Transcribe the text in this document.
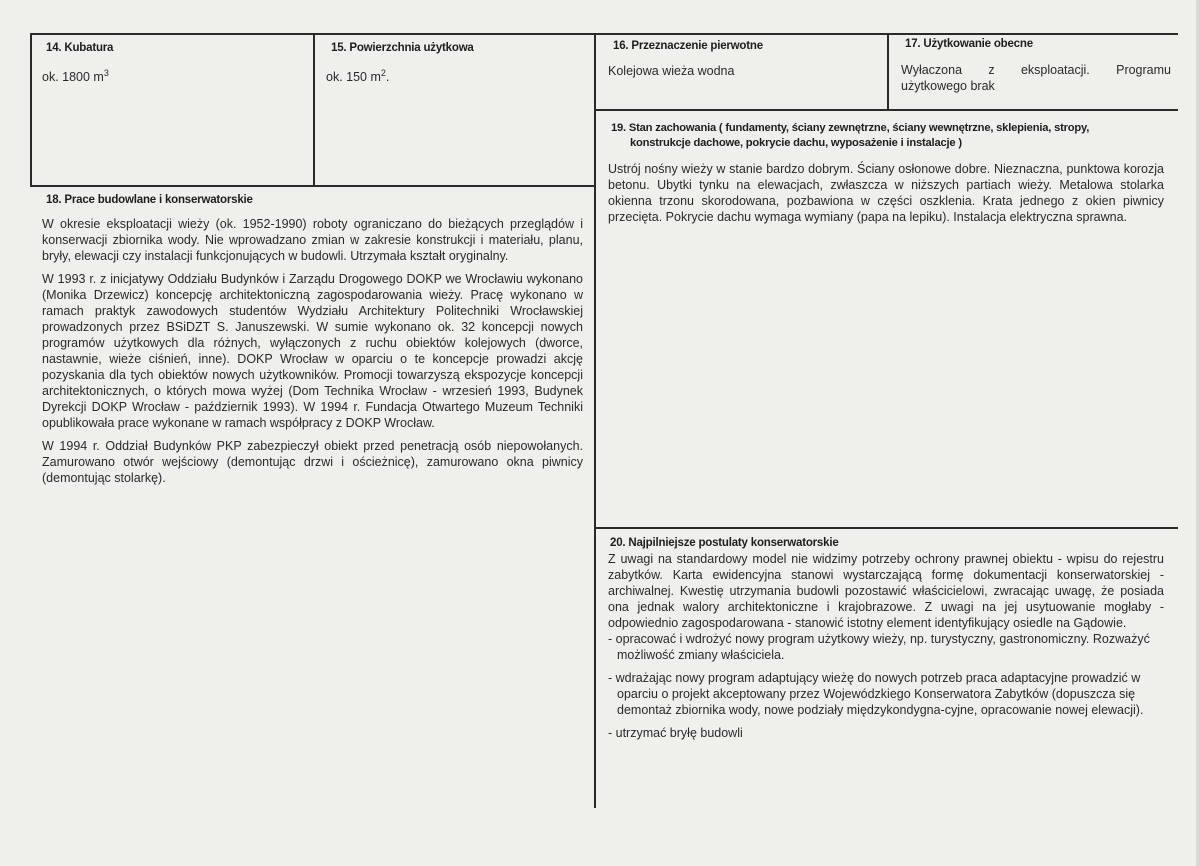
14. Kubatura
ok. 1800 $m^3$
15. Powierzchnia użytkowa
ok. 150 $m^2$.
16. Przeznaczenie pierwotne
Kolejowa wieża wodna
17. Użytkowanie obecne
Wyłaczona z eksploatacji. Programu użytkowego brak
19. Stan zachowania ( fundamenty, ściany zewnętrzne, ściany wewnętrzne, sklepienia, stropy,
konstrukcje dachowe, pokrycie dachu, wyposażenie i instalacje )
Ustrój nośny wieży w stanie bardzo dobrym. Ściany osłonowe dobre. Nieznaczna, punktowa korozja betonu. Ubytki tynku na elewacjach, zwłaszcza w niższych partiach wieży. Metalowa stolarka okienna trzonu skorodowana, pozbawiona w części oszklenia. Krata jednego z okien piwnicy przecięta. Pokrycie dachu wymaga wymiany (papa na lepiku). Instalacja elektryczna sprawna.
18. Prace budowlane i konserwatorskie

W okresie eksploatacji wieży (ok. 1952-1990) roboty ograniczano do bieżących przeglądów i konserwacji zbiornika wody. Nie wprowadzano zmian w zakresie konstrukcji i materiału, planu, bryły, elewacji czy instalacji funkcjonujących w budowli. Utrzymała kształt oryginalny.

W 1993 r. z inicjatywy Oddziału Budynków i Zarządu Drogowego DOKP we Wrocławiu wykonano (Monika Drzewicz) koncepcję architektoniczną zagospodarowania wieży. Pracę wykonano w ramach praktyk zawodowych studentów Wydziału Architektury Politechniki Wrocławskiej prowadzonych przez BSiDZT S. Januszewski. W sumie wykonano ok. 32 koncepcji nowych programów użytkowych dla różnych, wyłączonych z ruchu obiektów kolejowych (dworce, nastawnie, wieże ciśnień, inne). DOKP Wrocław w oparciu o te koncepcje prowadzi akcję pozyskania dla tych obiektów nowych użytkowników. Promocji towarzyszą ekspozycje koncepcji architektonicznych, o których mowa wyżej (Dom Technika Wrocław - wrzesień 1993, Budynek Dyrekcji DOKP Wrocław - październik 1993). W 1994 r. Fundacja Otwartego Muzeum Techniki opublikowała prace wykonane w ramach współpracy z DOKP Wrocław.

W 1994 r. Oddział Budynków PKP zabezpieczył obiekt przed penetracją osób niepowołanych. Zamurowano otwór wejściowy (demontując drzwi i ościeżnicę), zamurowano okna piwnicy (demontując stolarkę).

20. Najpilniejsze postulaty konserwatorskie

Z uwagi na standardowy model nie widzimy potrzeby ochrony prawnej obiektu - wpisu do rejestru zabytków. Karta ewidencyjna stanowi wystarczającą formę dokumentacji konserwatorskiej - archiwalnej. Kwestię utrzymania budowli pozostawić właścicielowi, zwracając uwagę, że posiada ona jednak walory architektoniczne i krajobrazowe. Z uwagi na jej usytuowanie mogłaby - odpowiednio zagospodarowana - stanowić istotny element identyfikujący osiedle na Gądowie.

- opracować i wdrożyć nowy program użytkowy wieży, np. turystyczny, gastronomiczny. Rozważyć możliwość zmiany właściciela.

- wdrażając nowy program adaptujący wieżę do nowych potrzeb praca adaptacyjne prowadzić w oparciu o projekt akceptowany przez Wojewódzkiego Konserwatora Zabytków (dopuszcza się demontaż zbiornika wody, nowe podziały międzykondygna-cyjne, opracowanie nowej elewacji).

- utrzymać bryłę budowli
